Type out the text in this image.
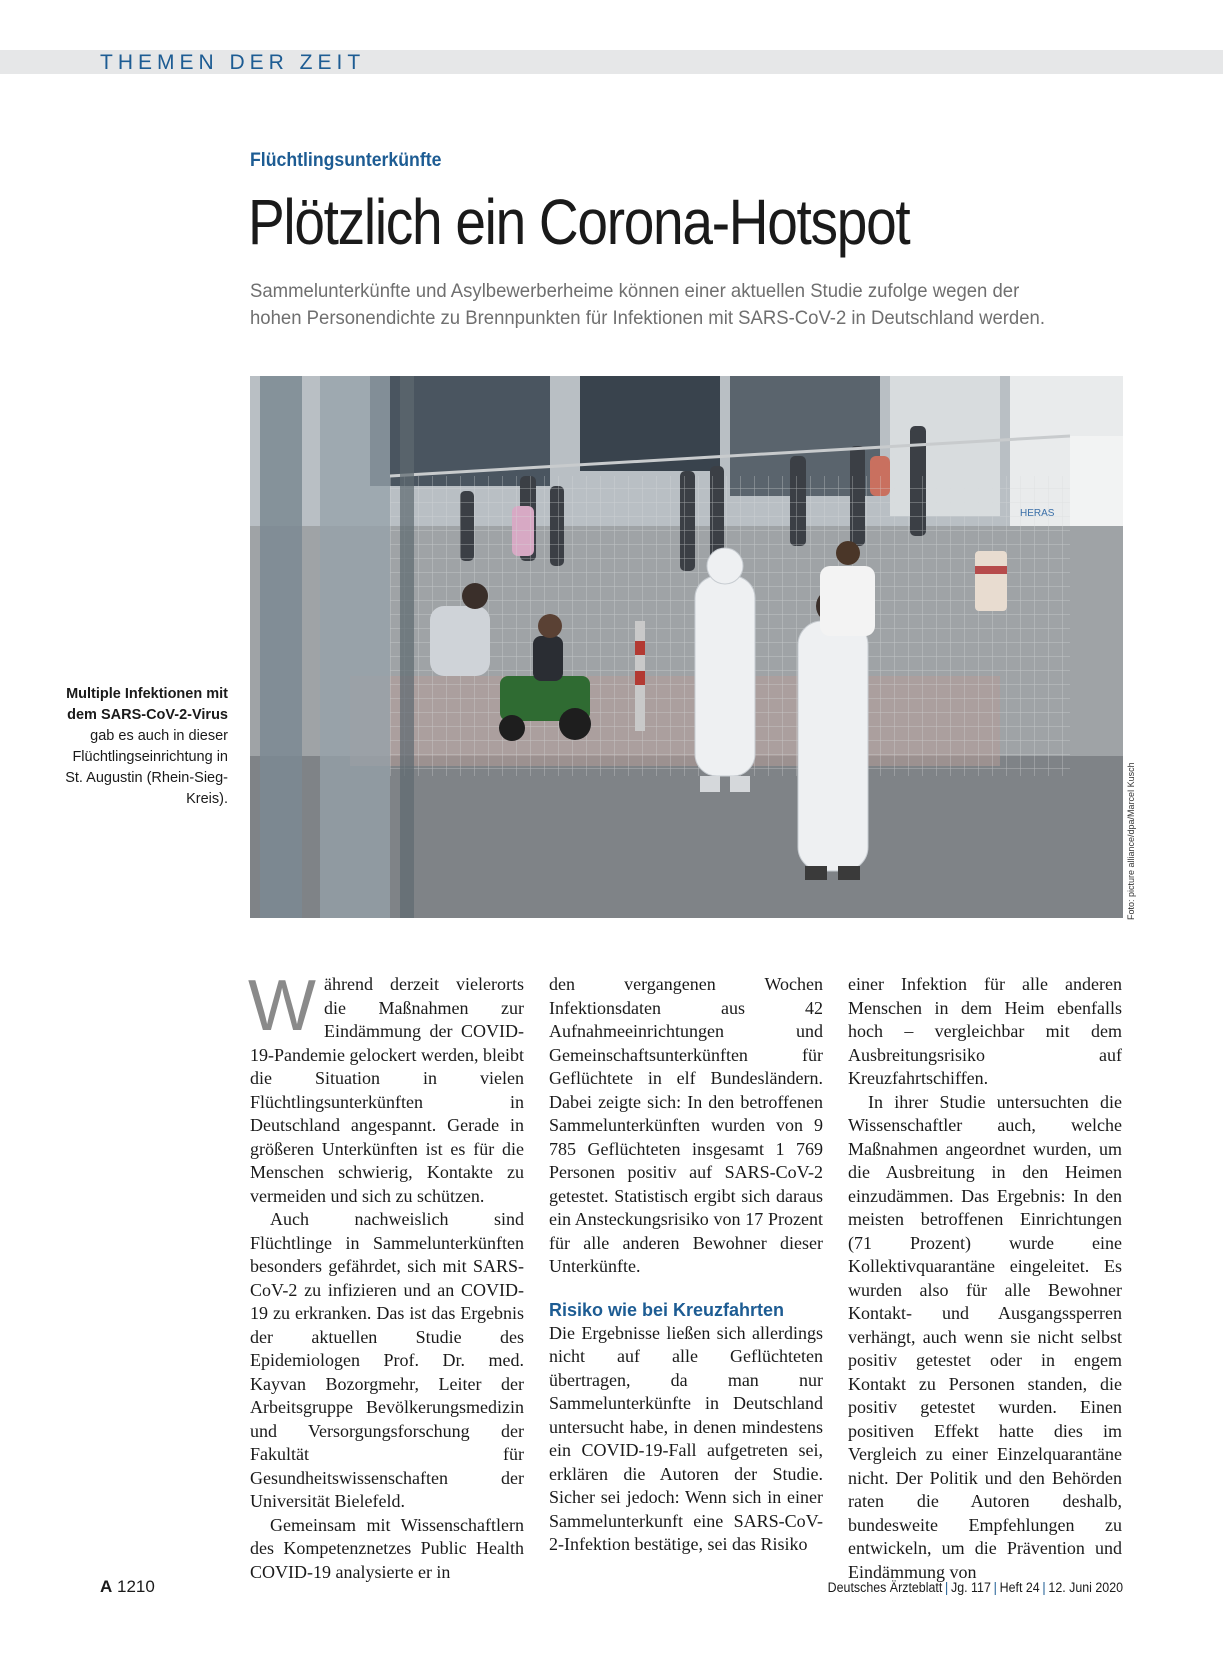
THEMEN DER ZEIT
Flüchtlingsunterkünfte
Plötzlich ein Corona-Hotspot
Sammelunterkünfte und Asylbewerberheime können einer aktuellen Studie zufolge wegen der
hohen Personendichte zu Brennpunkten für Infektionen mit SARS-CoV-2 in Deutschland werden.
HERAS
Multiple Infektionen mit dem SARS-CoV-2-Virus gab es auch in dieser Flüchtlingseinrichtung in St. Augustin (Rhein-Sieg-Kreis).	Foto: picture alliance/dpa/Marcel Kusch

Während derzeit vielerorts die Maßnahmen zur Eindämmung der COVID-19-Pandemie gelockert werden, bleibt die Situation in vielen Flüchtlingsunterkünften in Deutschland angespannt. Gerade in größeren Unterkünften ist es für die Menschen schwierig, Kontakte zu vermeiden und sich zu schützen.

Auch nachweislich sind Flüchtlinge in Sammelunterkünften besonders gefährdet, sich mit SARS-CoV-2 zu infizieren und an COVID-19 zu erkranken. Das ist das Ergebnis der aktuellen Studie des Epidemiologen Prof. Dr. med. Kayvan Bozorgmehr, Leiter der Arbeitsgruppe Bevölkerungsmedizin und Versorgungsforschung der Fakultät für Gesundheitswissenschaften der Universität Bielefeld.

Gemeinsam mit Wissenschaftlern des Kompetenznetzes Public Health COVID-19 analysierte er in

den vergangenen Wochen Infektionsdaten aus 42 Aufnahmeeinrichtungen und Gemeinschaftsunterkünften für Geflüchtete in elf Bundesländern. Dabei zeigte sich: In den betroffenen Sammelunterkünften wurden von 9 785 Geflüchteten insgesamt 1 769 Personen positiv auf SARS-CoV-2 getestet. Statistisch ergibt sich daraus ein Ansteckungsrisiko von 17 Prozent für alle anderen Bewohner dieser Unterkünfte.

Risiko wie bei Kreuzfahrten

Die Ergebnisse ließen sich allerdings nicht auf alle Geflüchteten übertragen, da man nur Sammelunterkünfte in Deutschland untersucht habe, in denen mindestens ein COVID-19-Fall aufgetreten sei, erklären die Autoren der Studie. Sicher sei jedoch: Wenn sich in einer Sammelunterkunft eine SARS-CoV-2-Infektion bestätige, sei das Risiko

einer Infektion für alle anderen Menschen in dem Heim ebenfalls hoch – vergleichbar mit dem Ausbreitungsrisiko auf Kreuzfahrtschiffen.

In ihrer Studie untersuchten die Wissenschaftler auch, welche Maßnahmen angeordnet wurden, um die Ausbreitung in den Heimen einzudämmen. Das Ergebnis: In den meisten betroffenen Einrichtungen (71 Prozent) wurde eine Kollektivquarantäne eingeleitet. Es wurden also für alle Bewohner Kontakt- und Ausgangssperren verhängt, auch wenn sie nicht selbst positiv getestet oder in engem Kontakt zu Personen standen, die positiv getestet wurden. Einen positiven Effekt hatte dies im Vergleich zu einer Einzelquarantäne nicht. Der Politik und den Behörden raten die Autoren deshalb, bundesweite Empfehlungen zu entwickeln, um die Prävention und Eindämmung von

A 1210	Deutsches Ärzteblatt | Jg. 117 | Heft 24 | 12. Juni 2020
